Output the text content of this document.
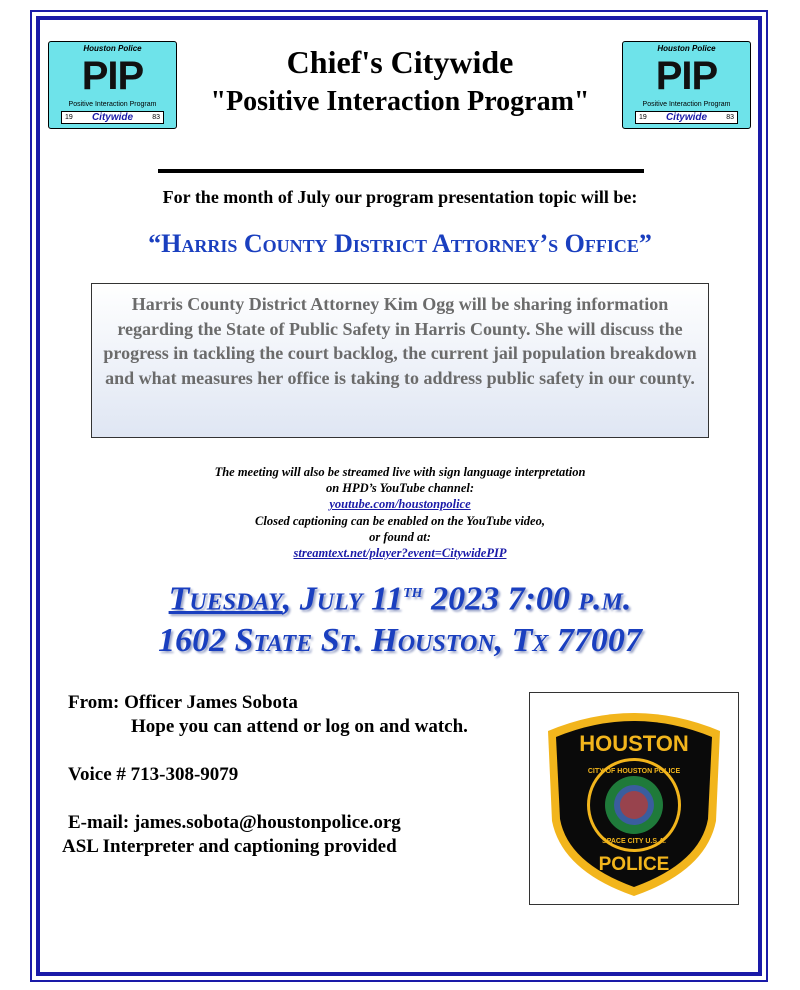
Houston Police
PIP
Positive Interaction Program
19 Citywide	83
Houston Police
PIP
Positive Interaction Program
19 Citywide	83
Chief's Citywide
"Positive Interaction Program"
For the month of July our program presentation topic will be:
“Harris County District Attorney’s Office”
Harris County District Attorney Kim Ogg will be sharing information regarding the State of Public Safety in Harris County. She will discuss the progress in tackling the court backlog, the current jail population breakdown and what measures her office is taking to address public safety in our county.
The meeting will also be streamed live with sign language interpretation
on HPD’s YouTube channel:
youtube.com/houstonpolice
Closed captioning can be enabled on the YouTube video,
or found at:
streamtext.net/player?event=CitywidePIP
Tuesday, July 11th 2023 7:00 p.m.
1602 State St. Houston, Tx 77007
From: Officer James Sobota
Hope you can attend or log on and watch.
Voice # 713-308-9079
E-mail: james.sobota@houstonpolice.org
ASL Interpreter and captioning provided
HOUSTON
CITY OF HOUSTON POLICE
SPACE CITY U.S.A.
POLICE
